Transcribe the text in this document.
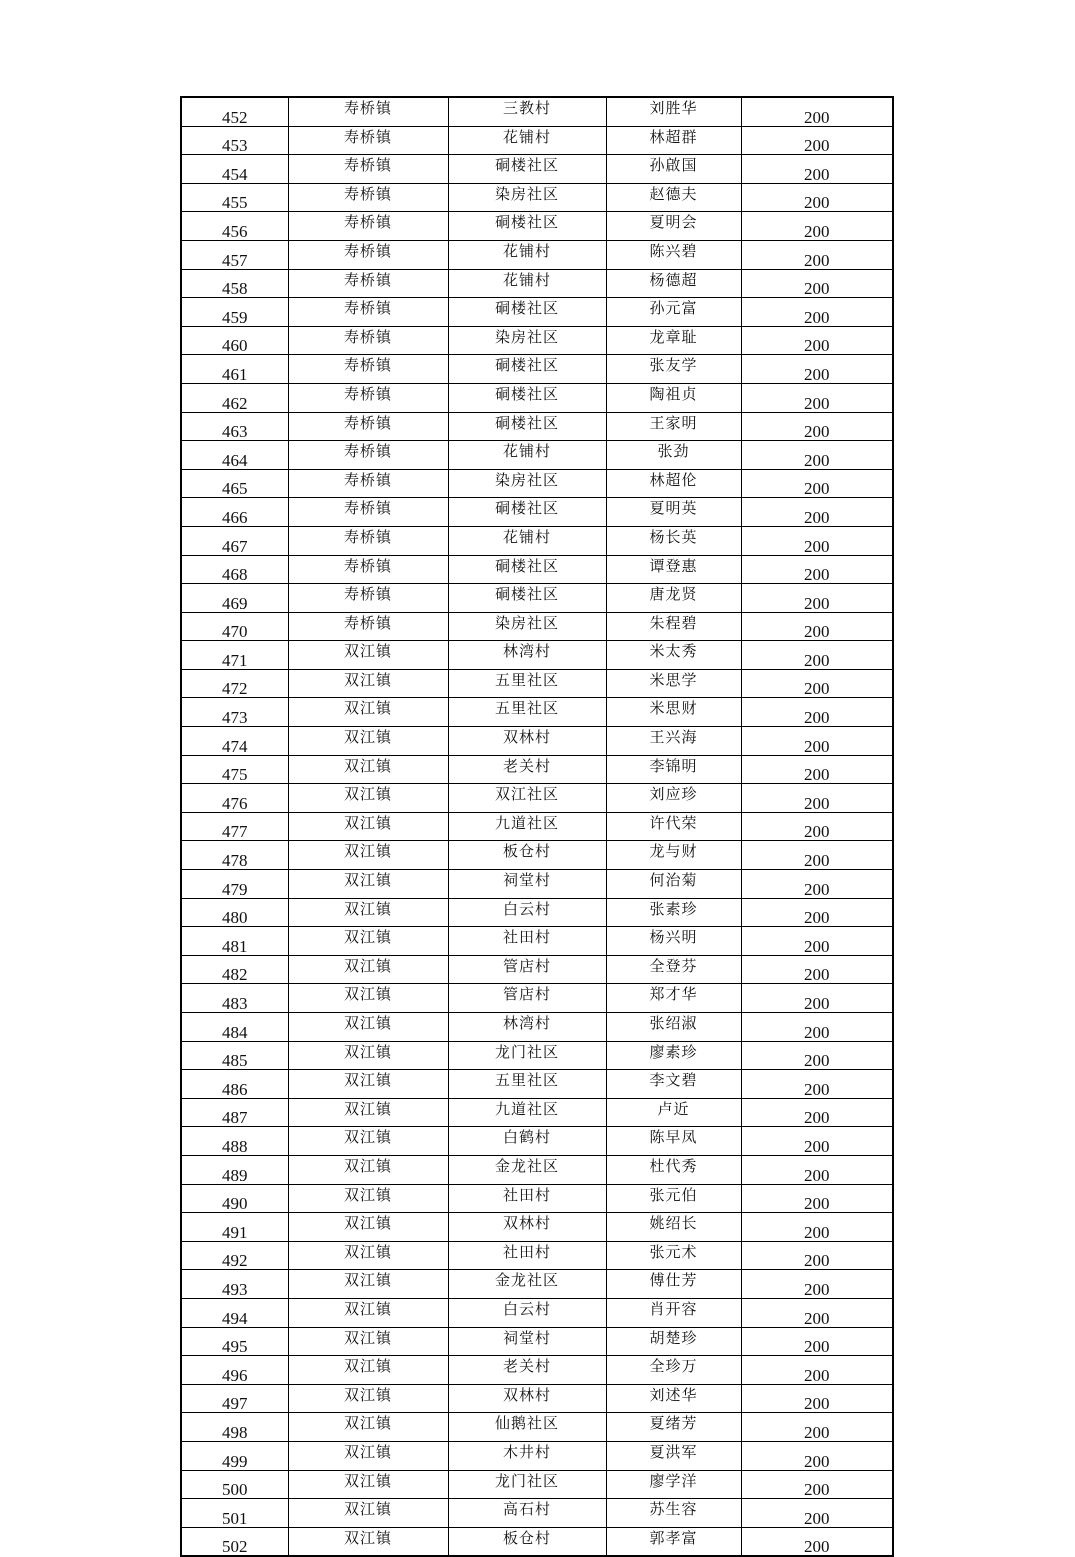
452	寿桥镇	三教村	刘胜华	200
453	寿桥镇	花铺村	林超群	200
454	寿桥镇	硐楼社区	孙啟国	200
455	寿桥镇	染房社区	赵德夫	200
456	寿桥镇	硐楼社区	夏明会	200
457	寿桥镇	花铺村	陈兴碧	200
458	寿桥镇	花铺村	杨德超	200
459	寿桥镇	硐楼社区	孙元富	200
460	寿桥镇	染房社区	龙章耻	200
461	寿桥镇	硐楼社区	张友学	200
462	寿桥镇	硐楼社区	陶祖贞	200
463	寿桥镇	硐楼社区	王家明	200
464	寿桥镇	花铺村	张劲	200
465	寿桥镇	染房社区	林超伦	200
466	寿桥镇	硐楼社区	夏明英	200
467	寿桥镇	花铺村	杨长英	200
468	寿桥镇	硐楼社区	谭登惠	200
469	寿桥镇	硐楼社区	唐龙贤	200
470	寿桥镇	染房社区	朱程碧	200
471	双江镇	林湾村	米太秀	200
472	双江镇	五里社区	米思学	200
473	双江镇	五里社区	米思财	200
474	双江镇	双林村	王兴海	200
475	双江镇	老关村	李锦明	200
476	双江镇	双江社区	刘应珍	200
477	双江镇	九道社区	许代荣	200
478	双江镇	板仓村	龙与财	200
479	双江镇	祠堂村	何治菊	200
480	双江镇	白云村	张素珍	200
481	双江镇	社田村	杨兴明	200
482	双江镇	管店村	全登芬	200
483	双江镇	管店村	郑才华	200
484	双江镇	林湾村	张绍淑	200
485	双江镇	龙门社区	廖素珍	200
486	双江镇	五里社区	李文碧	200
487	双江镇	九道社区	卢近	200
488	双江镇	白鹤村	陈早凤	200
489	双江镇	金龙社区	杜代秀	200
490	双江镇	社田村	张元伯	200
491	双江镇	双林村	姚绍长	200
492	双江镇	社田村	张元术	200
493	双江镇	金龙社区	傅仕芳	200
494	双江镇	白云村	肖开容	200
495	双江镇	祠堂村	胡楚珍	200
496	双江镇	老关村	全珍万	200
497	双江镇	双林村	刘述华	200
498	双江镇	仙鹅社区	夏绪芳	200
499	双江镇	木井村	夏洪军	200
500	双江镇	龙门社区	廖学洋	200
501	双江镇	高石村	苏生容	200
502	双江镇	板仓村	郭孝富	200
